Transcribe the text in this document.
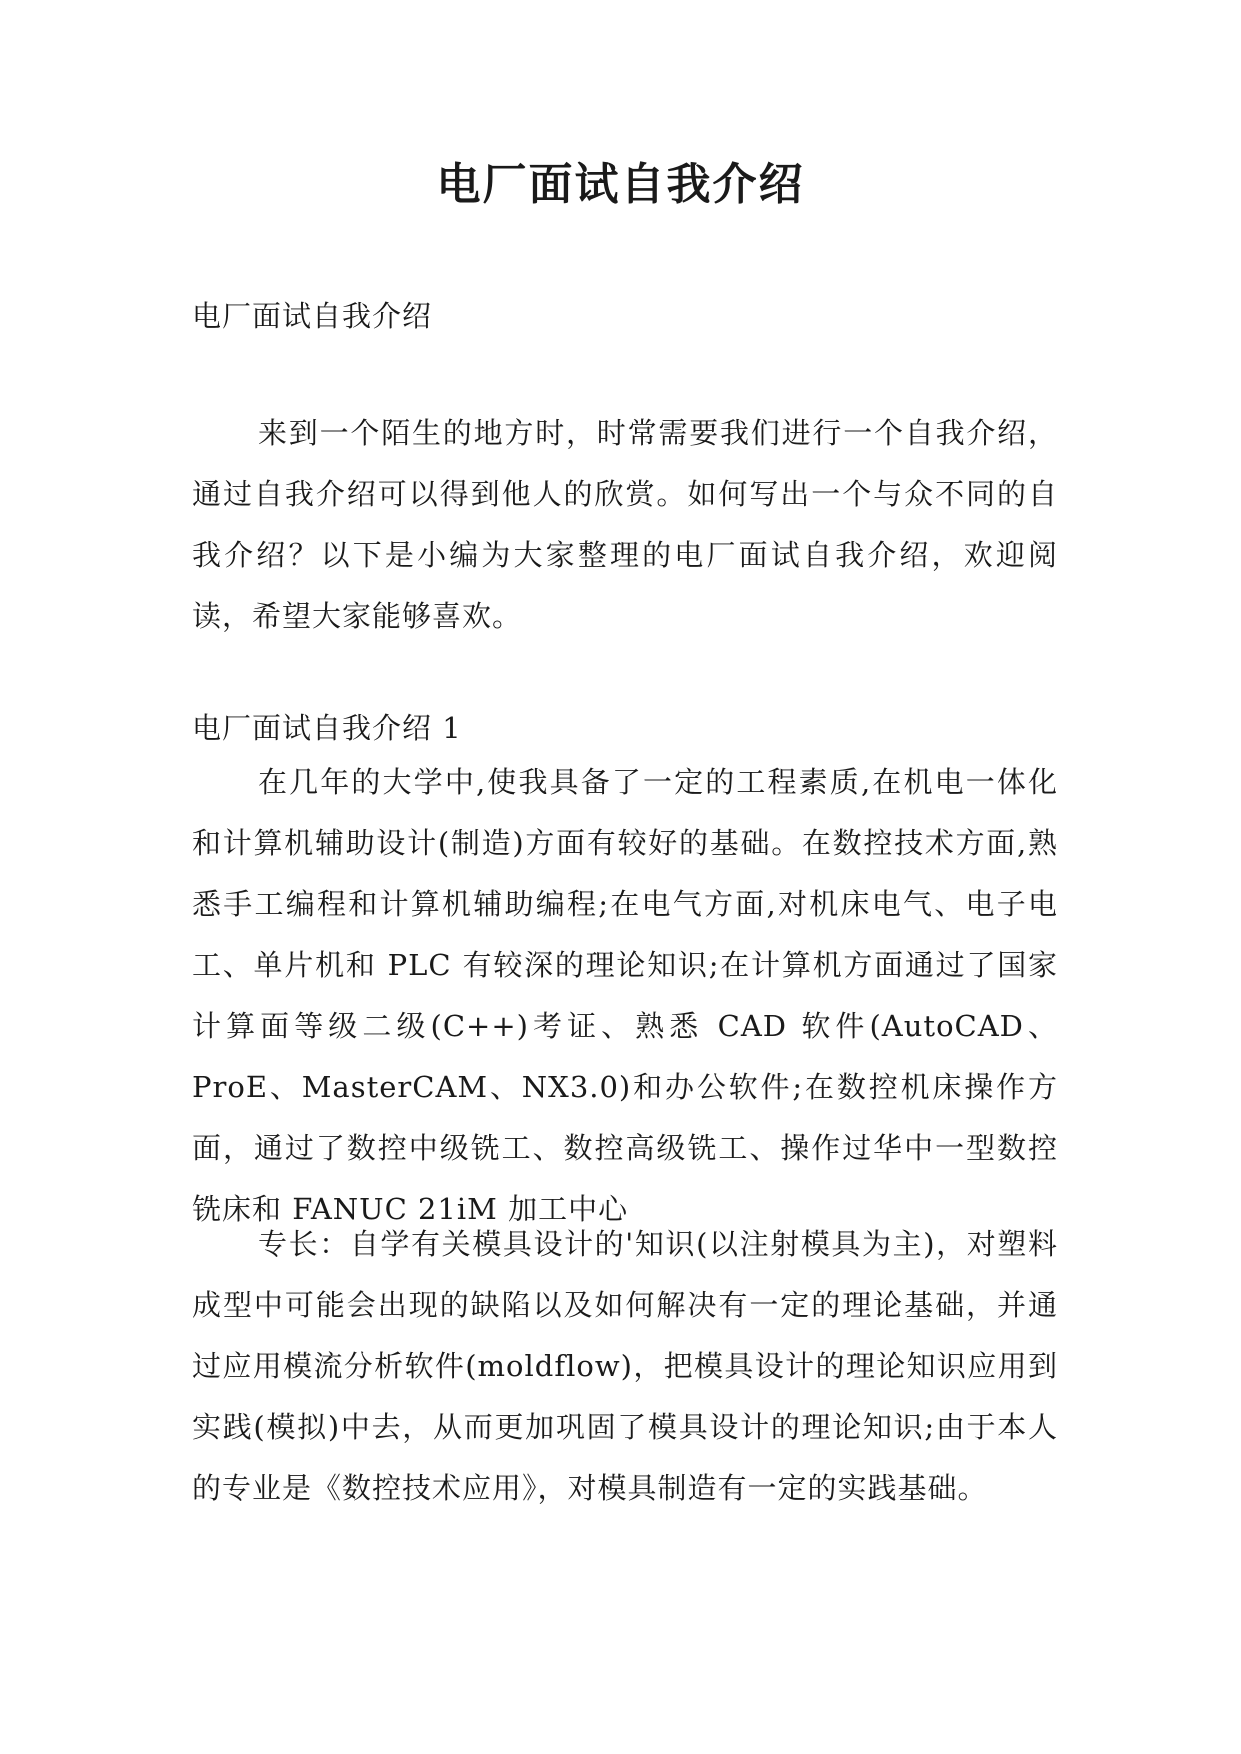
电厂面试自我介绍

电厂面试自我介绍

来到一个陌生的地方时，时常需要我们进行一个自我介绍，通过自我介绍可以得到他人的欣赏。如何写出一个与众不同的自我介绍？以下是小编为大家整理的电厂面试自我介绍，欢迎阅读，希望大家能够喜欢。

电厂面试自我介绍 1

在几年的大学中,使我具备了一定的工程素质,在机电一体化和计算机辅助设计(制造)方面有较好的基础。在数控技术方面,熟悉手工编程和计算机辅助编程;在电气方面,对机床电气、电子电工、单片机和 PLC 有较深的理论知识;在计算机方面通过了国家计算面等级二级(C++)考证、熟悉 CAD 软件(AutoCAD、ProE、MasterCAM、NX3.0)和办公软件;在数控机床操作方面，通过了数控中级铣工、数控高级铣工、操作过华中一型数控铣床和 FANUC 21iM 加工中心

专长：自学有关模具设计的'知识(以注射模具为主)，对塑料成型中可能会出现的缺陷以及如何解决有一定的理论基础，并通过应用模流分析软件(moldflow)，把模具设计的理论知识应用到实践(模拟)中去，从而更加巩固了模具设计的理论知识;由于本人的专业是《数控技术应用》，对模具制造有一定的实践基础。
